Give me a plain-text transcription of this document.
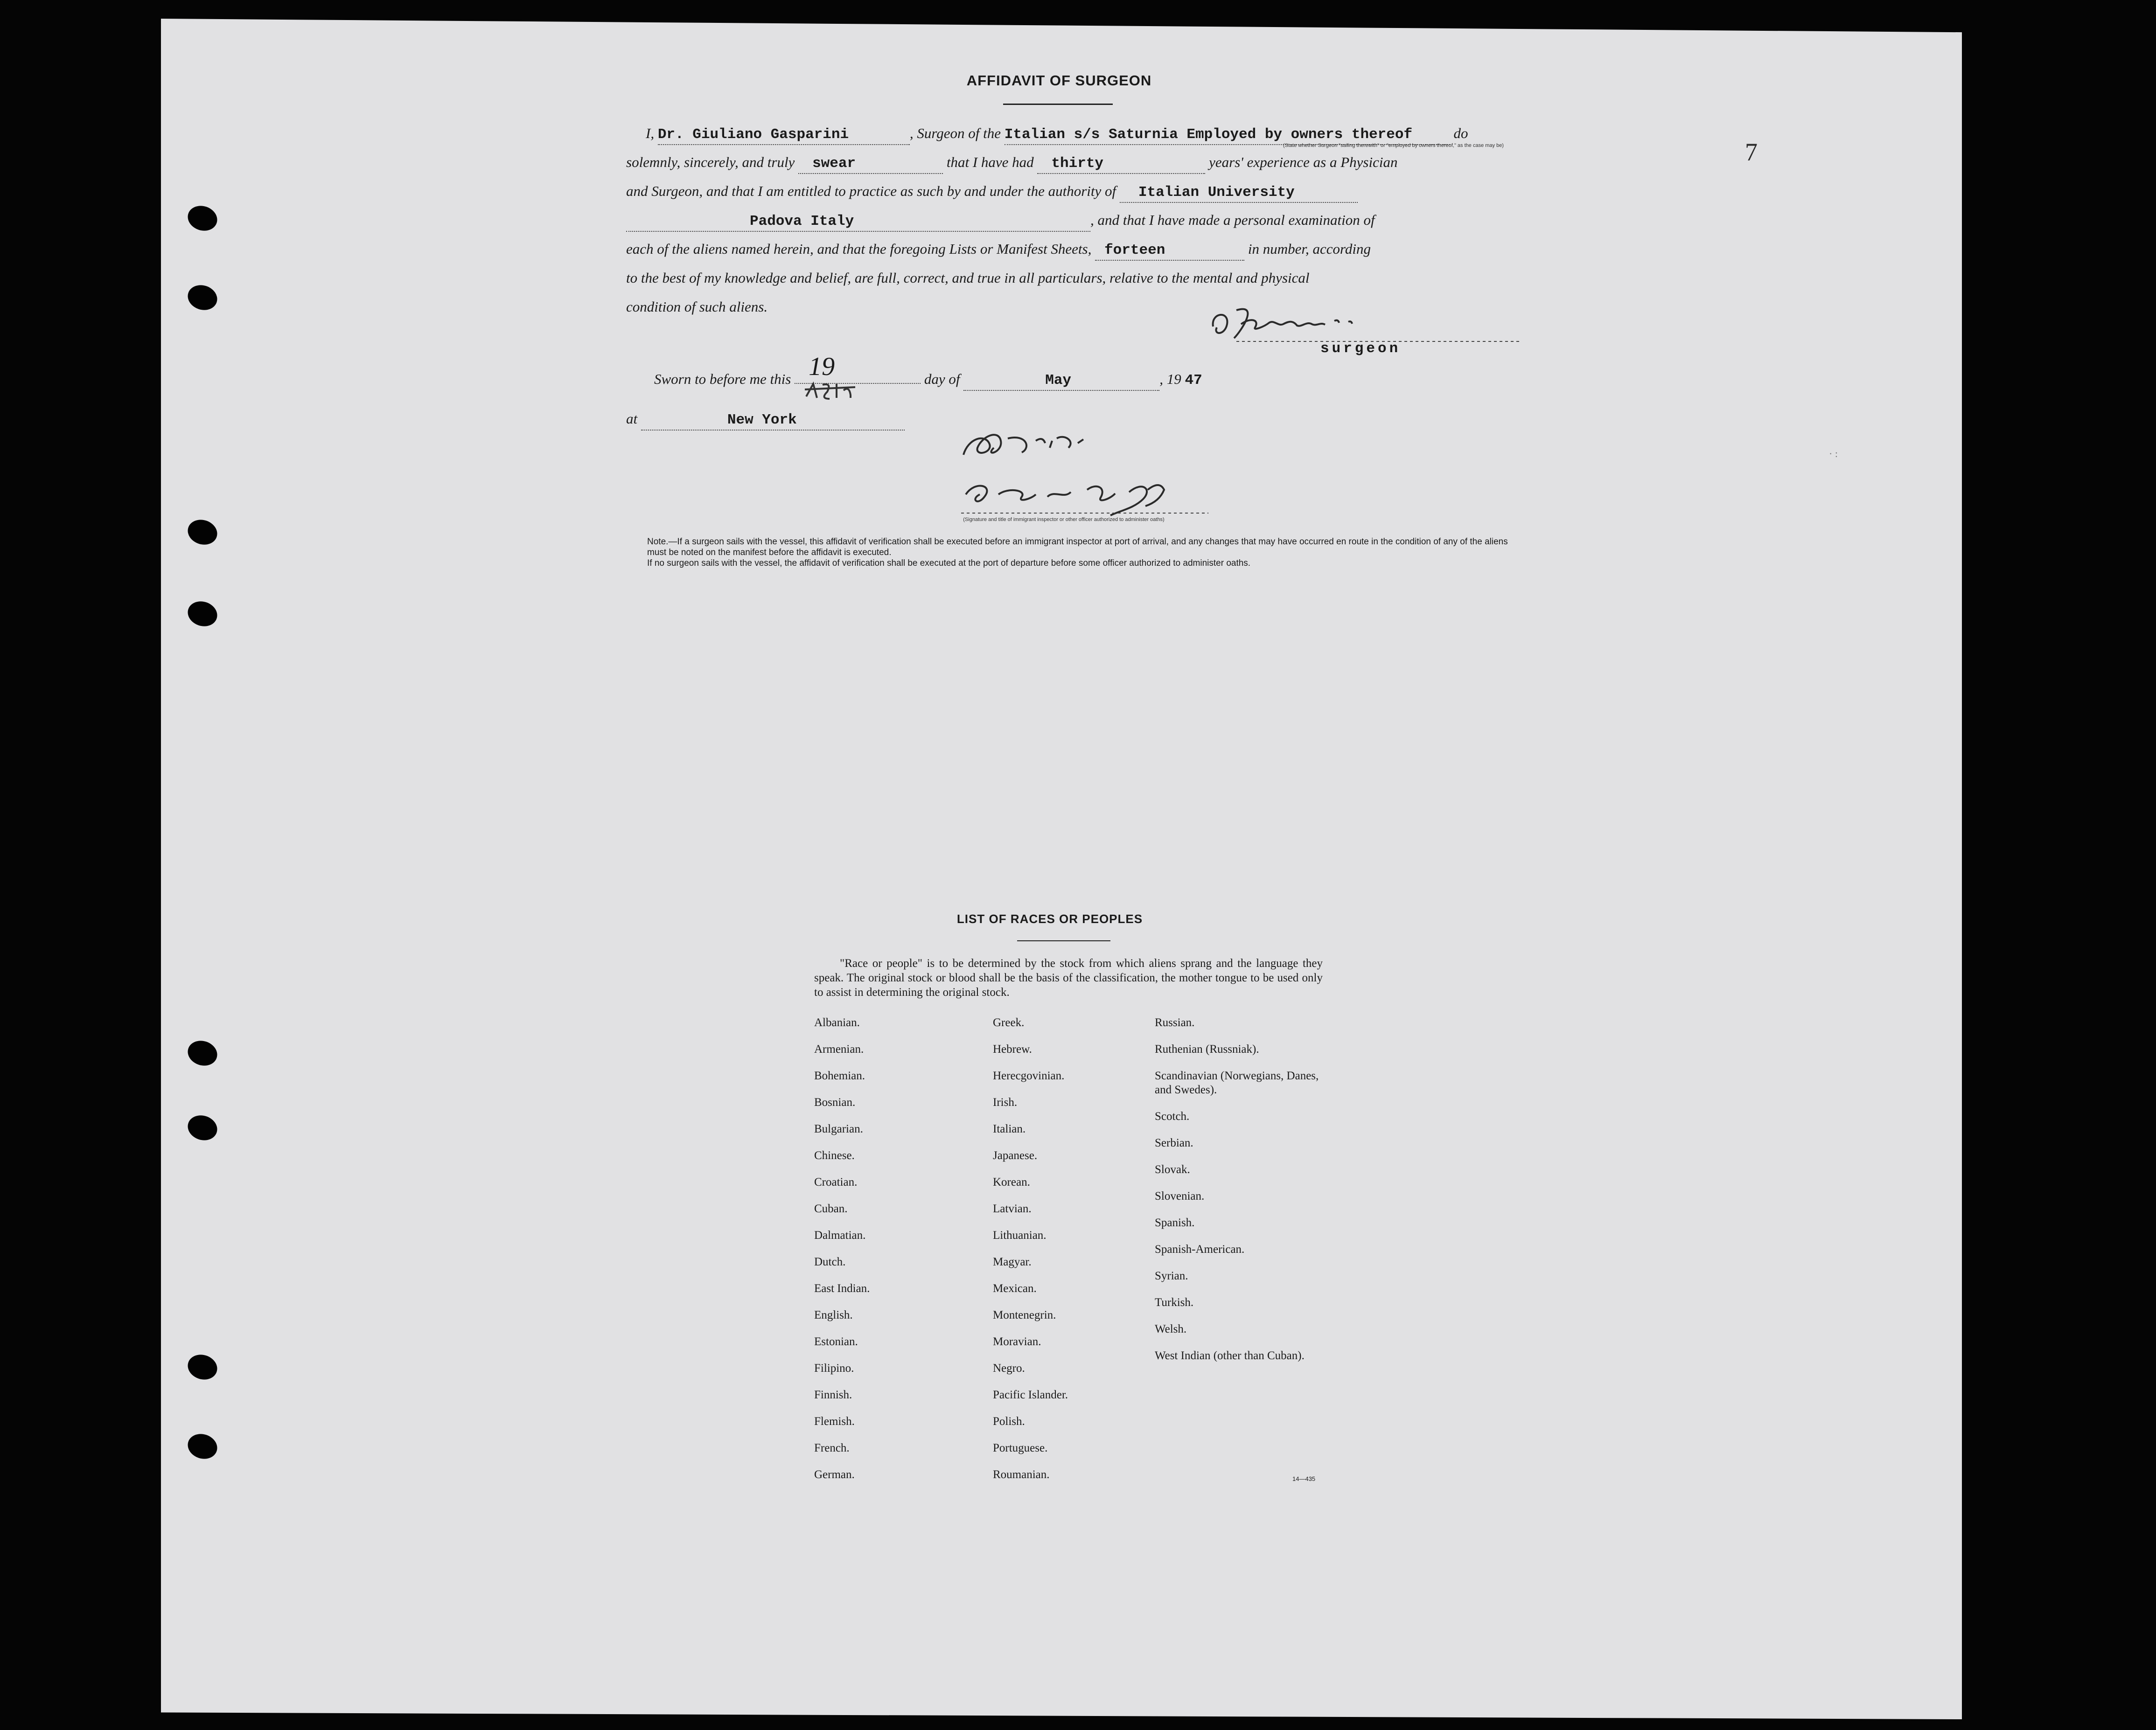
7
AFFIDAVIT OF SURGEON
I, Dr. Giuliano Gasparini	, Surgeon of the Italian s/s Saturnia Employed by owners thereof	do
(State whether Surgeon "sailing therewith" or "employed by owners thereof," as the case may be)
solemnly, sincerely, and truly swear	that I have had thirty	years' experience as a Physician
and Surgeon, and that I am entitled to practice as such by and under the authority of Italian University
Padova Italy	, and that I have made a personal examination of
each of the aliens named herein, and that the foregoing Lists or Manifest Sheets, forteen	in number, according
to the best of my knowledge and belief, are full, correct, and true in all particulars, relative to the mental and physical
condition of such aliens.
surgeon
Sworn to before me this 19	day of	May	, 19 47
at	New York
(Signature and title of immigrant inspector or other officer authorized to administer oaths)
Note.—If a surgeon sails with the vessel, this affidavit of verification shall be executed before an immigrant inspector at port of arrival, and any changes that may have occurred en route in the condition of any of the aliens must be noted on the manifest before the affidavit is executed.
If no surgeon sails with the vessel, the affidavit of verification shall be executed at the port of departure before some officer authorized to administer oaths.
· :
LIST OF RACES OR PEOPLES
"Race or people" is to be determined by the stock from which aliens sprang and the language they speak. The original stock or blood shall be the basis of the classification, the mother tongue to be used only to assist in determining the original stock.
Albanian.
Armenian.
Bohemian.
Bosnian.
Bulgarian.
Chinese.
Croatian.
Cuban.
Dalmatian.
Dutch.
East Indian.
English.
Estonian.
Filipino.
Finnish.
Flemish.
French.
German.
Greek.
Hebrew.
Herecgovinian.
Irish.
Italian.
Japanese.
Korean.
Latvian.
Lithuanian.
Magyar.
Mexican.
Montenegrin.
Moravian.
Negro.
Pacific Islander.
Polish.
Portuguese.
Roumanian.
Russian.
Ruthenian (Russniak).
Scandinavian (Norwegians, Danes, and Swedes).
Scotch.
Serbian.
Slovak.
Slovenian.
Spanish.
Spanish-American.
Syrian.
Turkish.
Welsh.
West Indian (other than Cuban).
14—435
